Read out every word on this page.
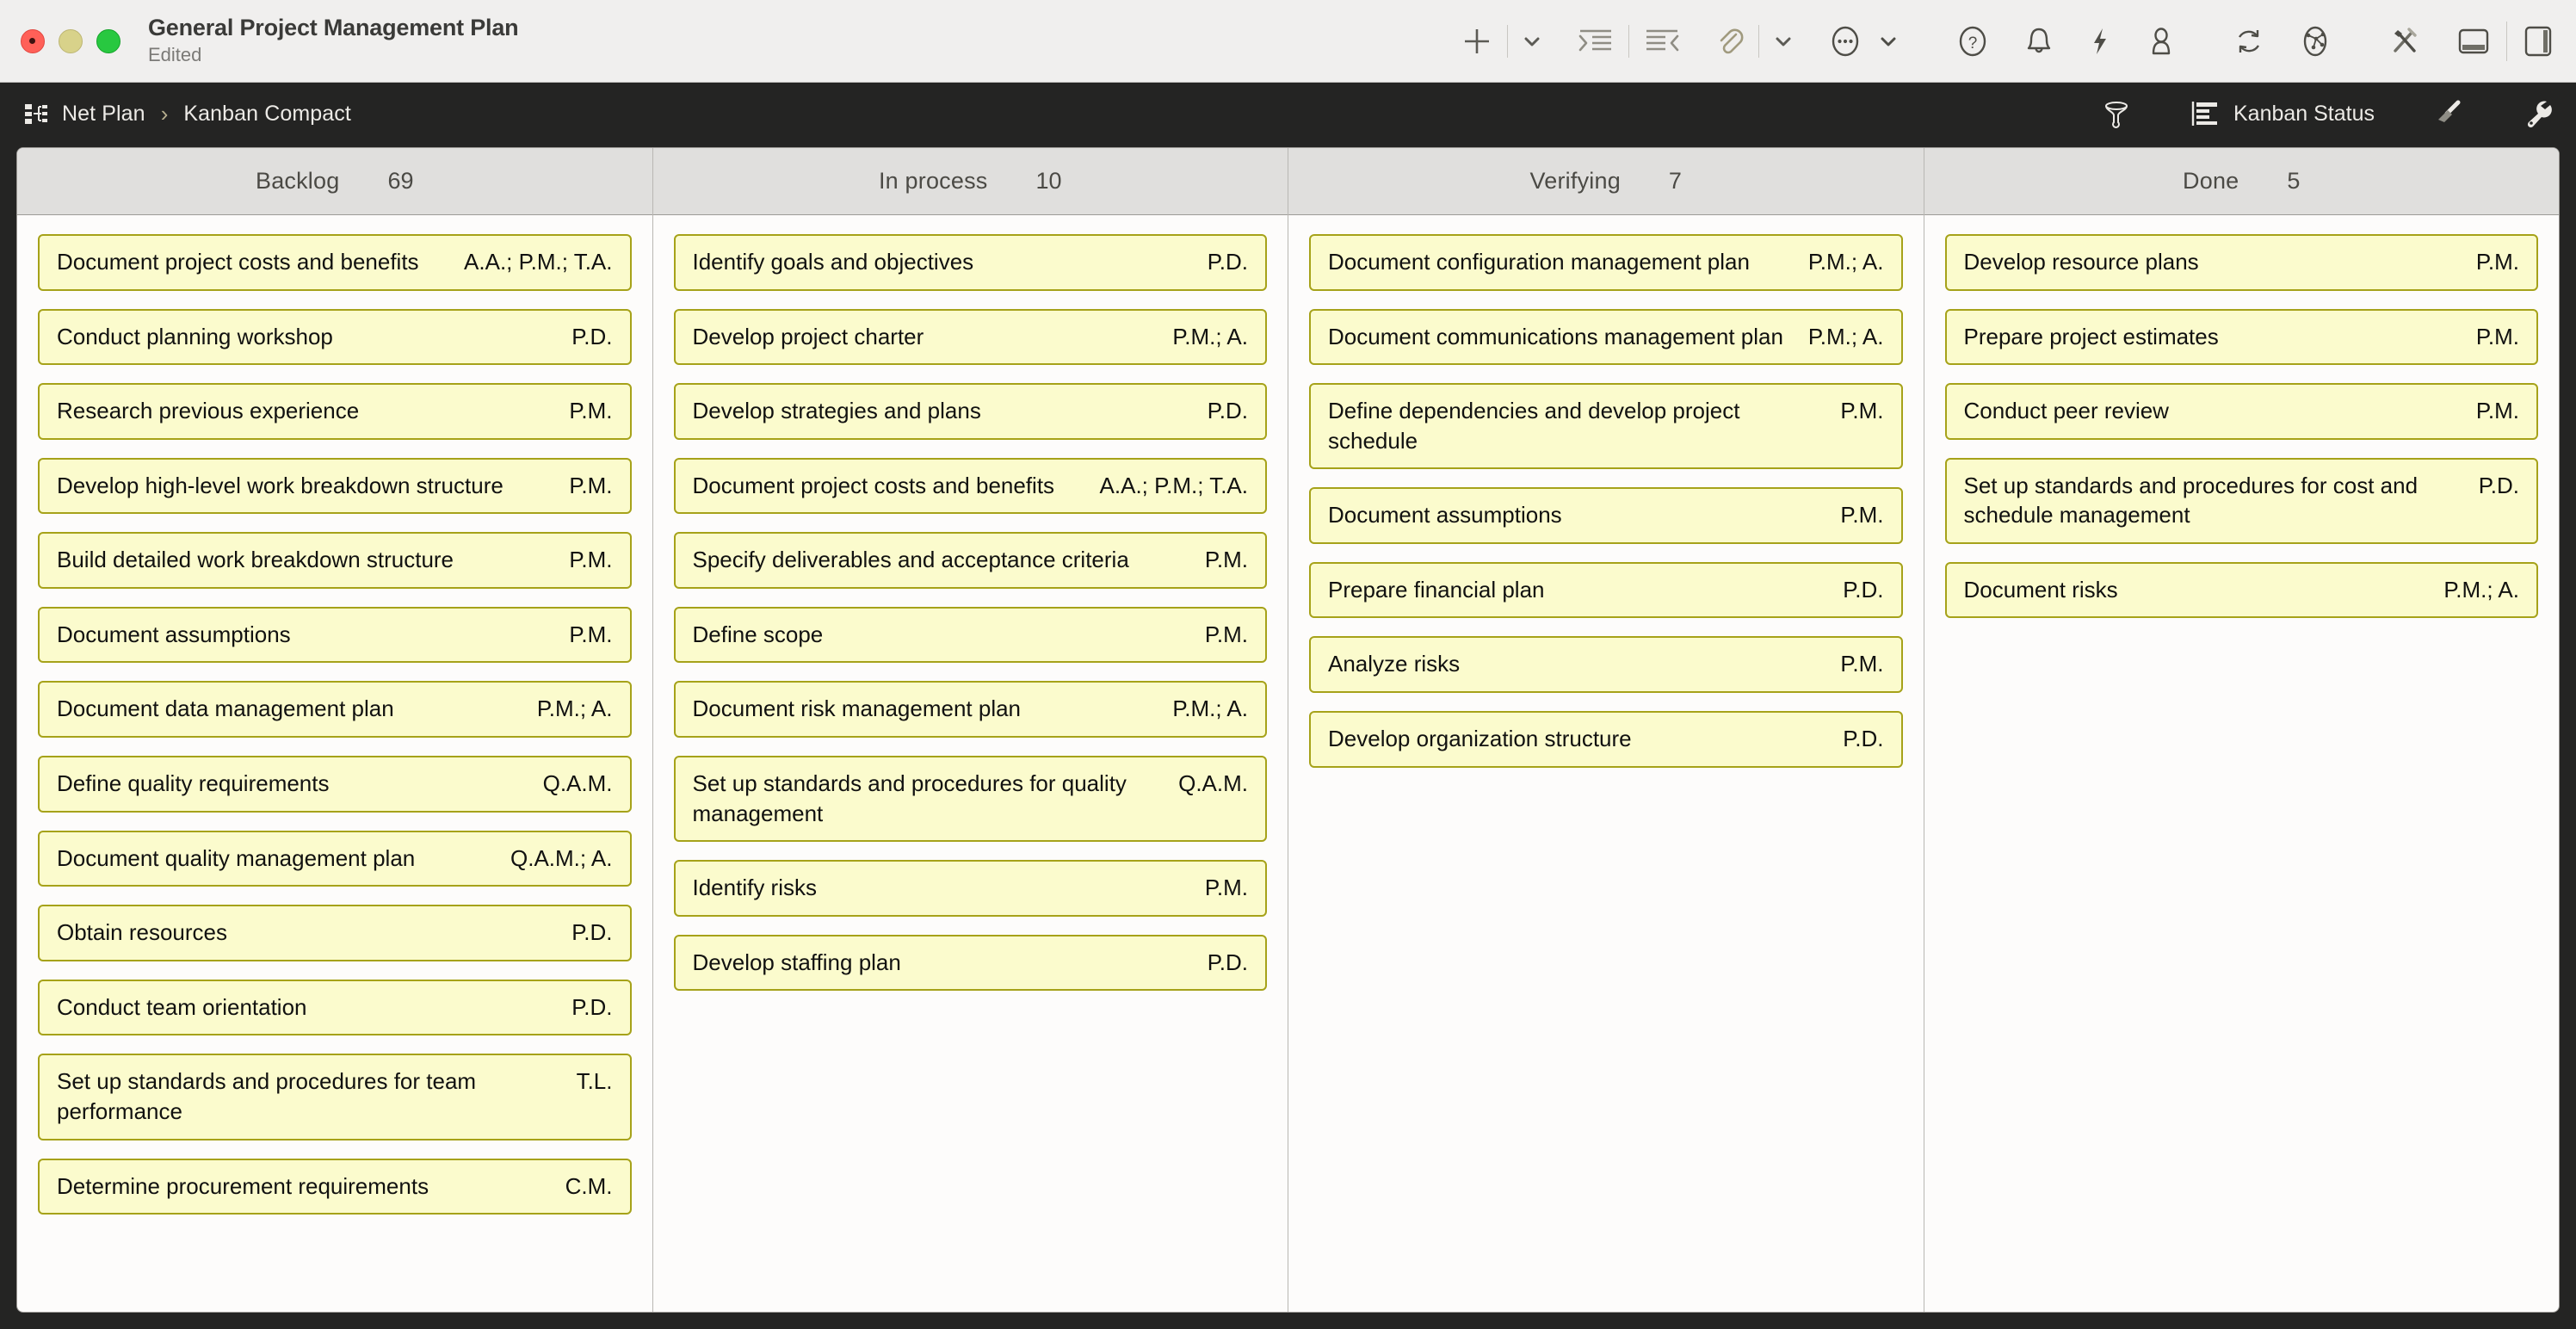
General Project Management Plan
Edited
?
Net Plan › Kanban Compact	Kanban Status
Backlog 69
Document project costs and benefits	A.A.; P.M.; T.A.
Conduct planning workshop	P.D.
Research previous experience	P.M.
Develop high-level work breakdown structure	P.M.
Build detailed work breakdown structure	P.M.
Document assumptions	P.M.
Document data management plan	P.M.; A.
Define quality requirements	Q.A.M.
Document quality management plan	Q.A.M.; A.
Obtain resources	P.D.
Conduct team orientation	P.D.
Set up standards and procedures for team performance
T.L.
Determine procurement requirements	C.M.
In process 10
Identify goals and objectives	P.D.
Develop project charter	P.M.; A.
Develop strategies and plans	P.D.
Document project costs and benefits	A.A.; P.M.; T.A.
Specify deliverables and acceptance criteria	P.M.
Define scope	P.M.
Document risk management plan	P.M.; A.
Set up standards and procedures for quality management
Q.A.M.
Identify risks	P.M.
Develop staffing plan	P.D.
Verifying 7
Document configuration management plan	P.M.; A.
Document communications management plan	P.M.; A.
Define dependencies and develop project schedule
P.M.
Document assumptions	P.M.
Prepare financial plan	P.D.
Analyze risks	P.M.
Develop organization structure	P.D.
Done 5
Develop resource plans	P.M.
Prepare project estimates	P.M.
Conduct peer review	P.M.
Set up standards and procedures for cost and schedule management
P.D.
Document risks	P.M.; A.
